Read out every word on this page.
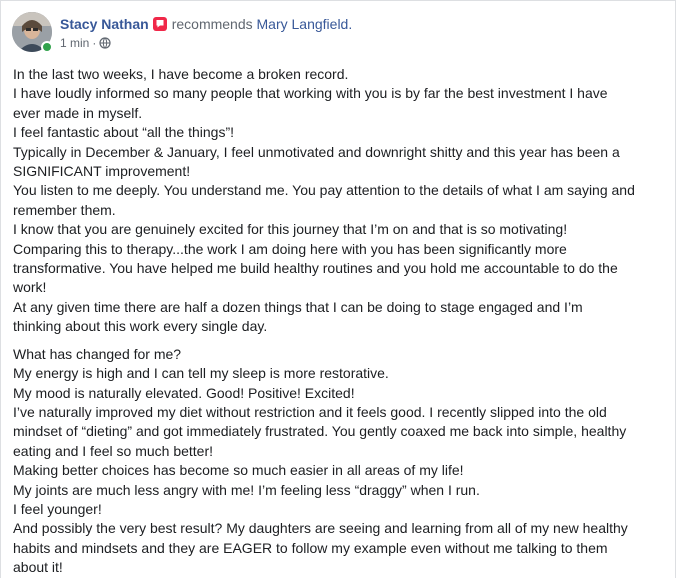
Stacy Nathan recommends Mary Langfield.
1 min ·
In the last two weeks, I have become a broken record.
I have loudly informed so many people that working with you is by far the best investment I have
ever made in myself.
I feel fantastic about “all the things”!
Typically in December & January, I feel unmotivated and downright shitty and this year has been a
SIGNIFICANT improvement!
You listen to me deeply. You understand me. You pay attention to the details of what I am saying and
remember them.
I know that you are genuinely excited for this journey that I’m on and that is so motivating!
Comparing this to therapy...the work I am doing here with you has been significantly more
transformative. You have helped me build healthy routines and you hold me accountable to do the
work!
At any given time there are half a dozen things that I can be doing to stage engaged and I’m
thinking about this work every single day.
What has changed for me?
My energy is high and I can tell my sleep is more restorative.
My mood is naturally elevated. Good! Positive! Excited!
I’ve naturally improved my diet without restriction and it feels good. I recently slipped into the old
mindset of “dieting” and got immediately frustrated. You gently coaxed me back into simple, healthy
eating and I feel so much better!
Making better choices has become so much easier in all areas of my life!
My joints are much less angry with me! I’m feeling less “draggy” when I run.
I feel younger!
And possibly the very best result? My daughters are seeing and learning from all of my new healthy
habits and mindsets and they are EAGER to follow my example even without me talking to them
about it!
